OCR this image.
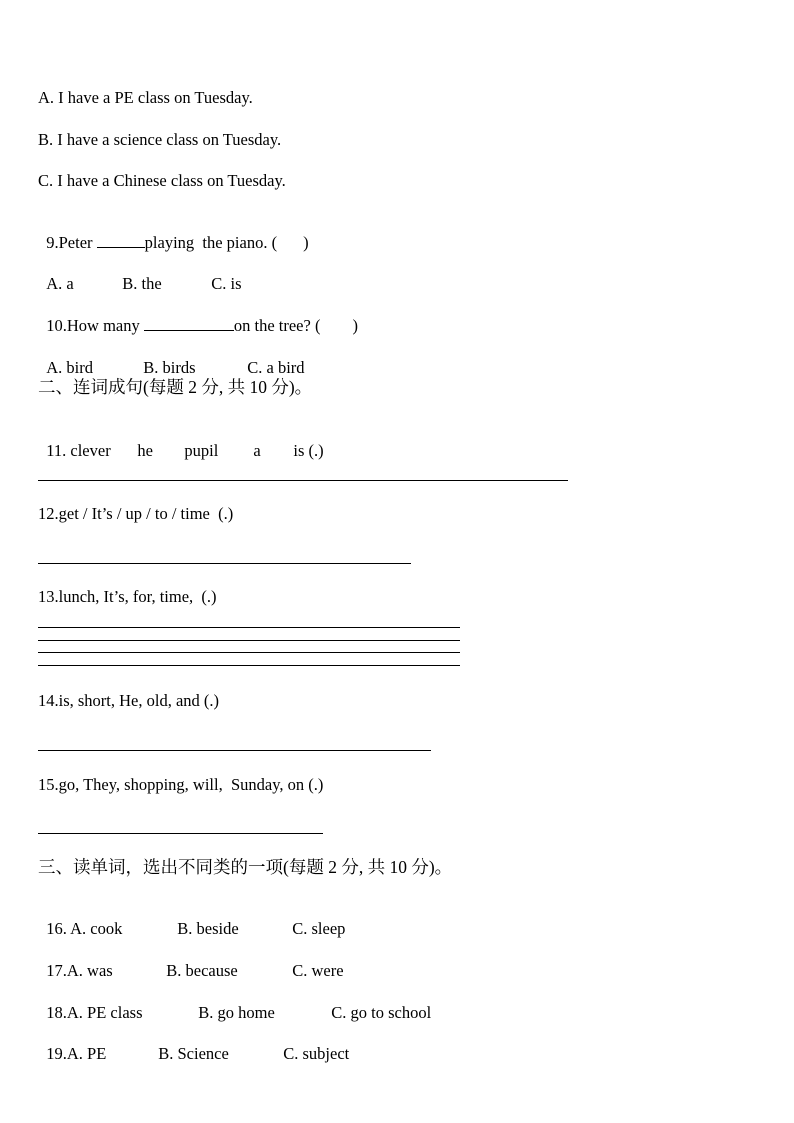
A. I have a PE class on Tuesday.
B. I have a science class on Tuesday.
C. I have a Chinese class on Tuesday.

9.Peter	playing  the piano. ( )

A. a	B. the	C. is

10.How many	on the tree? ( )

A. bird	B. birds	C. a bird

二、连词成句(每题 2 分, 共 10 分)。

11. clever he pupil a is (.)

12.get / It’s / up / to / time  (.)
13.lunch, It’s, for, time,  (.)
14.is, short, He, old, and (.)
15.go, They, shopping, will,  Sunday, on (.)
三、读单词，选出不同类的一项(每题 2 分, 共 10 分)。

16. A. cook	B. beside	C. sleep

17.A. was	B. because	C. were

18.A. PE class	B. go home	C. go to school

19.A. PE	B. Science	C. subject
